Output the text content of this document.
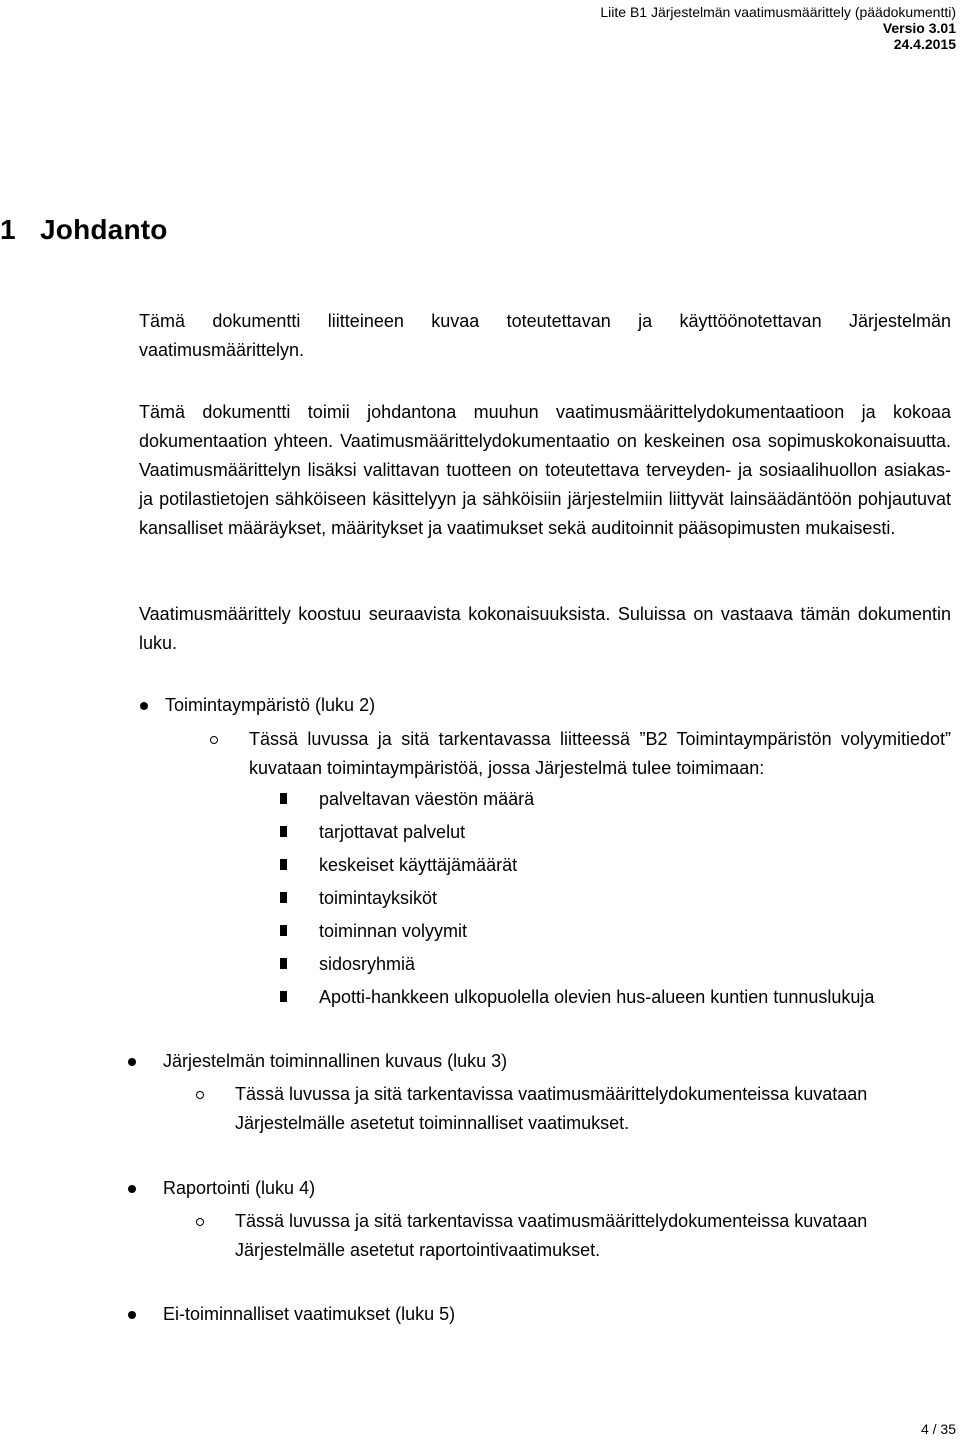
Liite B1 Järjestelmän vaatimusmäärittely (päädokumentti)
Versio 3.01
24.4.2015
1 Johdanto
Tämä dokumentti liitteineen kuvaa toteutettavan ja käyttöönotettavan Järjestelmän vaatimusmäärittelyn.
Tämä dokumentti toimii johdantona muuhun vaatimusmäärittelydokumentaatioon ja kokoaa dokumentaation yhteen. Vaatimusmäärittelydokumentaatio on keskeinen osa sopimuskokonaisuutta. Vaatimusmäärittelyn lisäksi valittavan tuotteen on toteutettava terveyden- ja sosiaalihuollon asiakas- ja potilastietojen sähköiseen käsittelyyn ja sähköisiin järjestelmiin liittyvät lainsäädäntöön pohjautuvat kansalliset määräykset, määritykset ja vaatimukset sekä auditoinnit pääsopimusten mukaisesti.
Vaatimusmäärittely koostuu seuraavista kokonaisuuksista. Suluissa on vastaava tämän dokumentin luku.
Toimintaympäristö (luku 2)
Tässä luvussa ja sitä tarkentavassa liitteessä ”B2 Toimintaympäristön volyymitiedot” kuvataan toimintaympäristöä, jossa Järjestelmä tulee toimimaan:
palveltavan väestön määrä
tarjottavat palvelut
keskeiset käyttäjämäärät
toimintayksiköt
toiminnan volyymit
sidosryhmiä
Apotti-hankkeen ulkopuolella olevien hus-alueen kuntien tunnuslukuja
Järjestelmän toiminnallinen kuvaus (luku 3)
Tässä luvussa ja sitä tarkentavissa vaatimusmäärittelydokumenteissa kuvataan Järjestelmälle asetetut toiminnalliset vaatimukset.
Raportointi (luku 4)
Tässä luvussa ja sitä tarkentavissa vaatimusmäärittelydokumenteissa kuvataan Järjestelmälle asetetut raportointivaatimukset.
Ei-toiminnalliset vaatimukset (luku 5)
4 / 35
